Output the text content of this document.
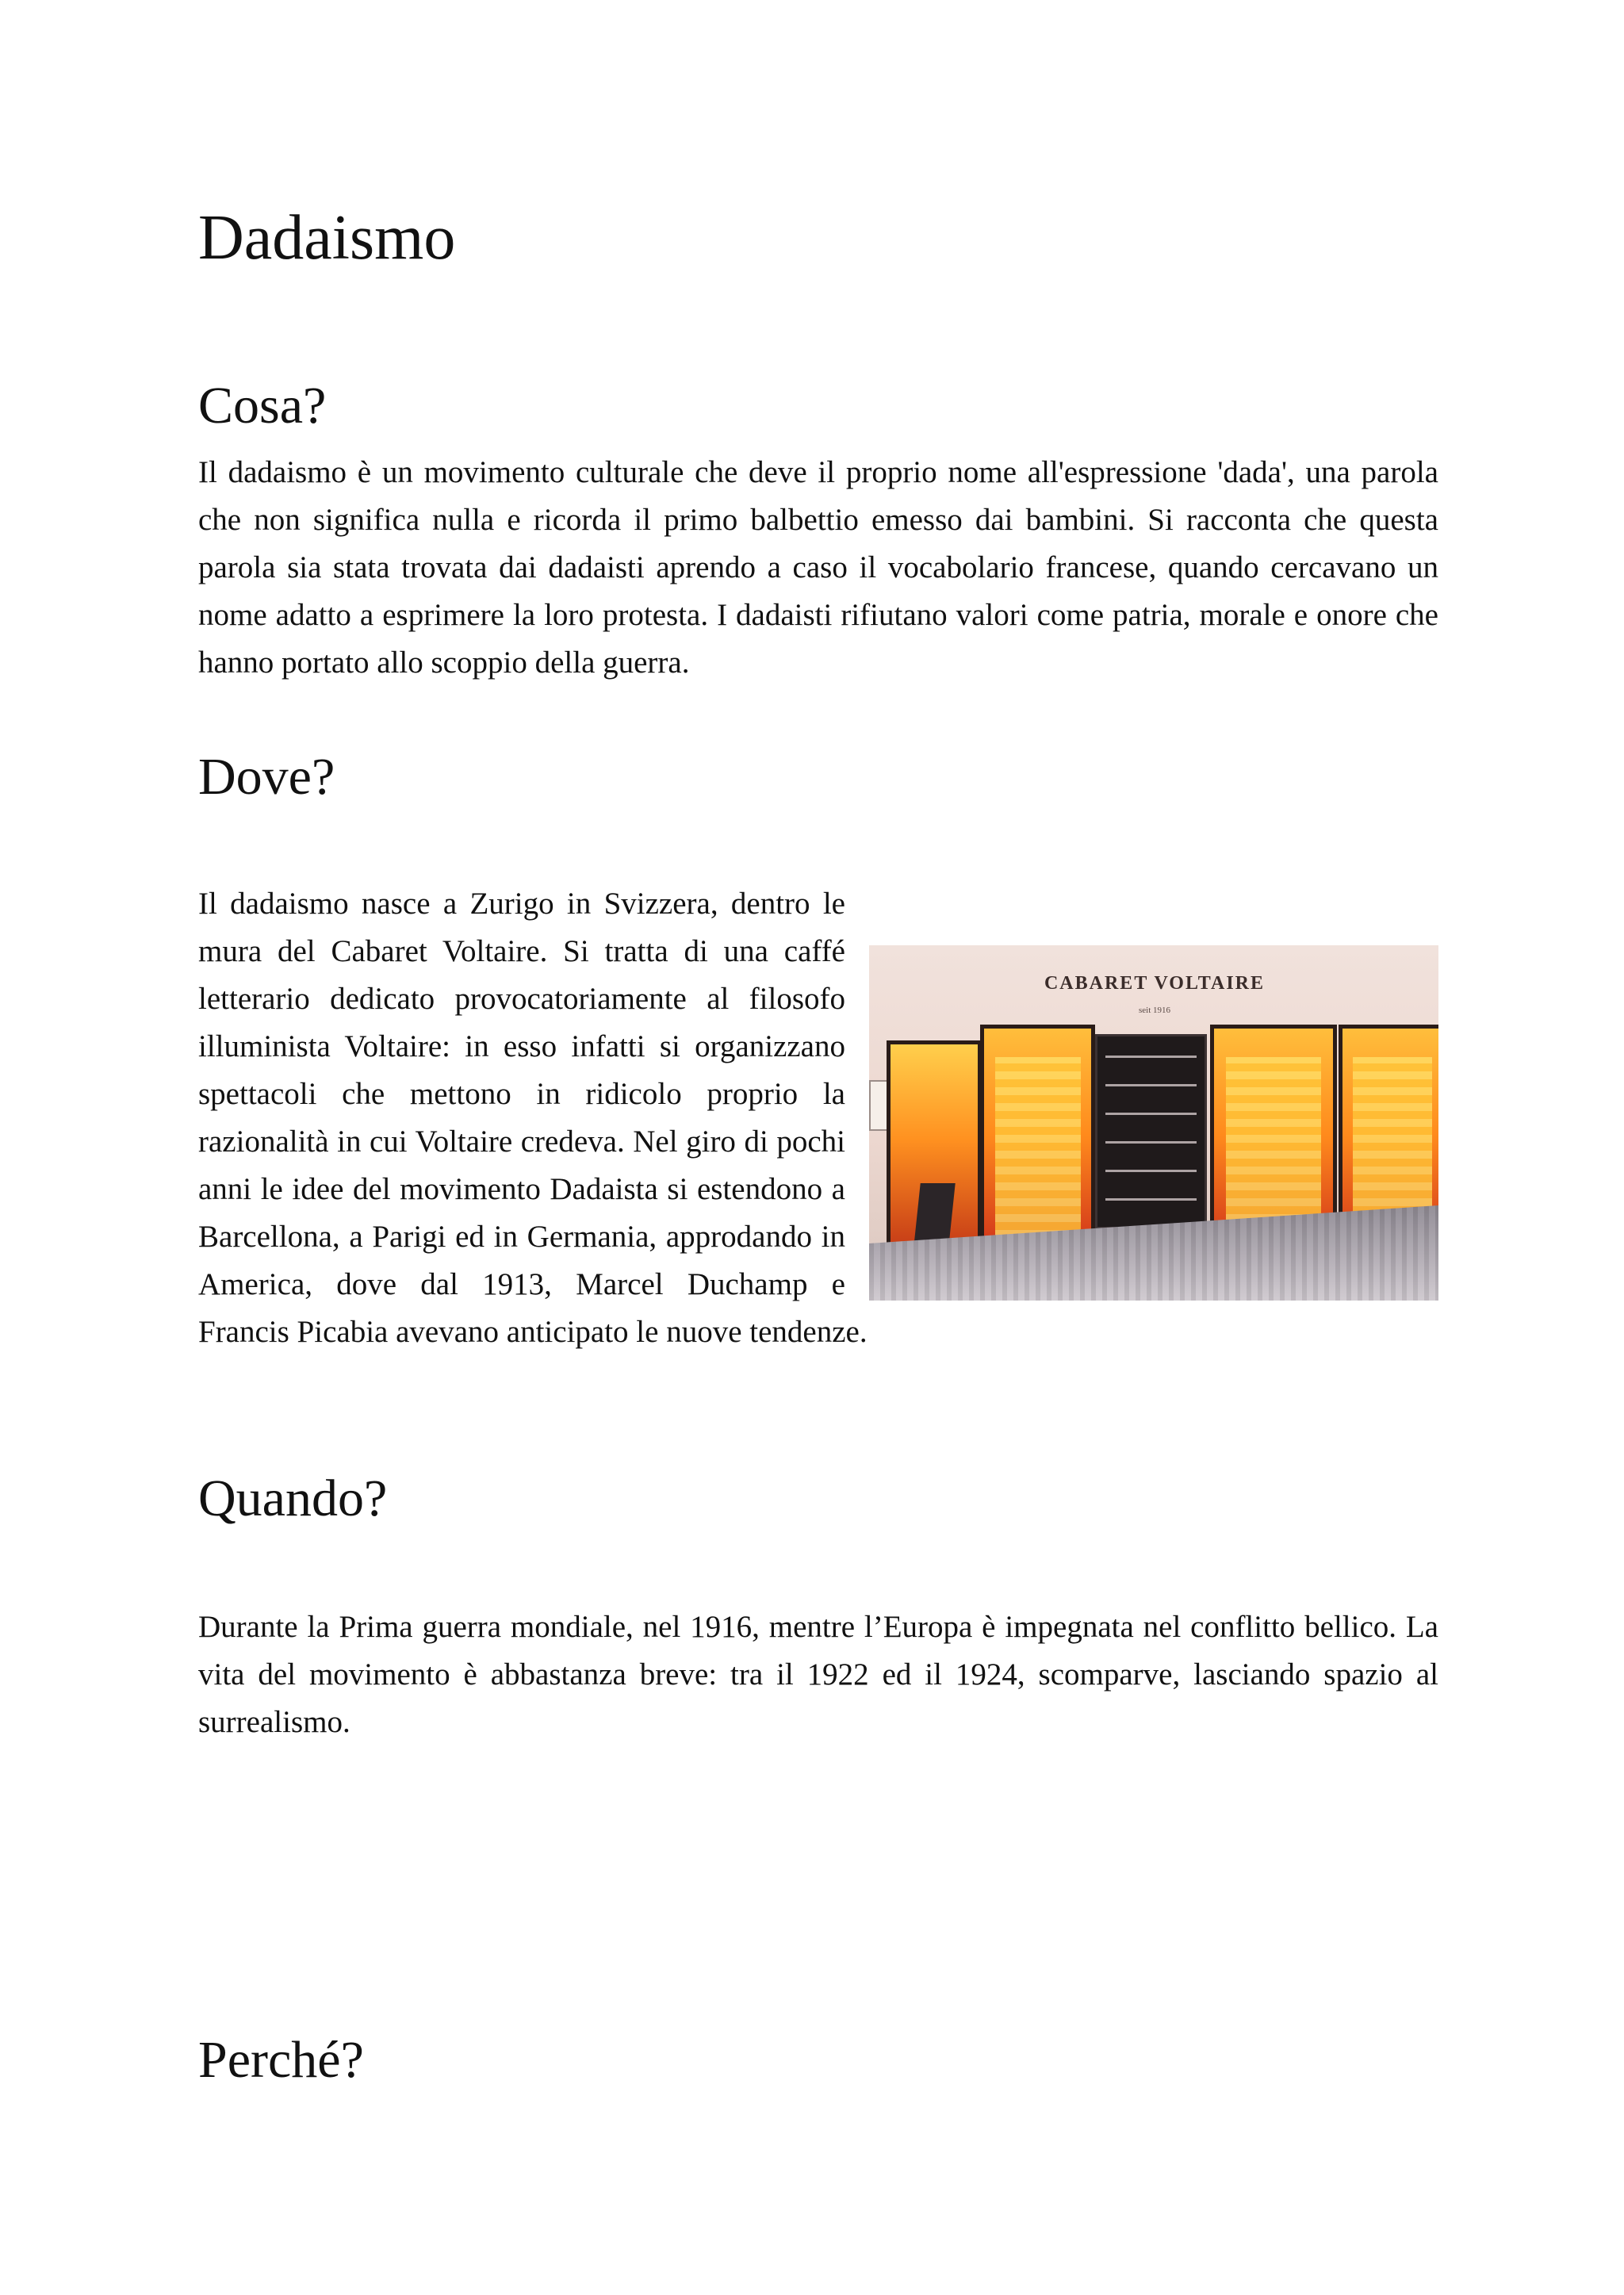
Dadaismo
Cosa?

Il dadaismo è un movimento culturale che deve il proprio nome all'espressione 'dada', una parola che non significa nulla e ricorda il primo balbettio emesso dai bambini. Si racconta che questa parola sia stata trovata dai dadaisti aprendo a caso il vocabolario francese, quando cercavano un nome adatto a esprimere la loro protesta. I dadaisti rifiutano valori come patria, morale e onore che hanno portato allo scoppio della guerra.

Dove?
CABARET VOLTAIRE
seit 1916
Il dadaismo nasce a Zurigo in Svizzera, dentro le mura del Cabaret Voltaire. Si tratta di una caffé letterario dedicato provocatoriamente al filosofo illuminista Voltaire: in esso infatti si organizzano spettacoli che mettono in ridicolo proprio la razionalità in cui Voltaire credeva. Nel giro di pochi anni le idee del movimento Dadaista si estendono a Barcellona, a Parigi ed in Germania, approdando in America, dove dal 1913, Marcel Duchamp e Francis Picabia avevano anticipato le nuove tendenze.
Quando?

Durante la Prima guerra mondiale, nel 1916, mentre l’Europa è impegnata nel conflitto bellico. La vita del movimento è abbastanza breve: tra il 1922 ed il 1924, scomparve, lasciando spazio al surrealismo.

Perché?
